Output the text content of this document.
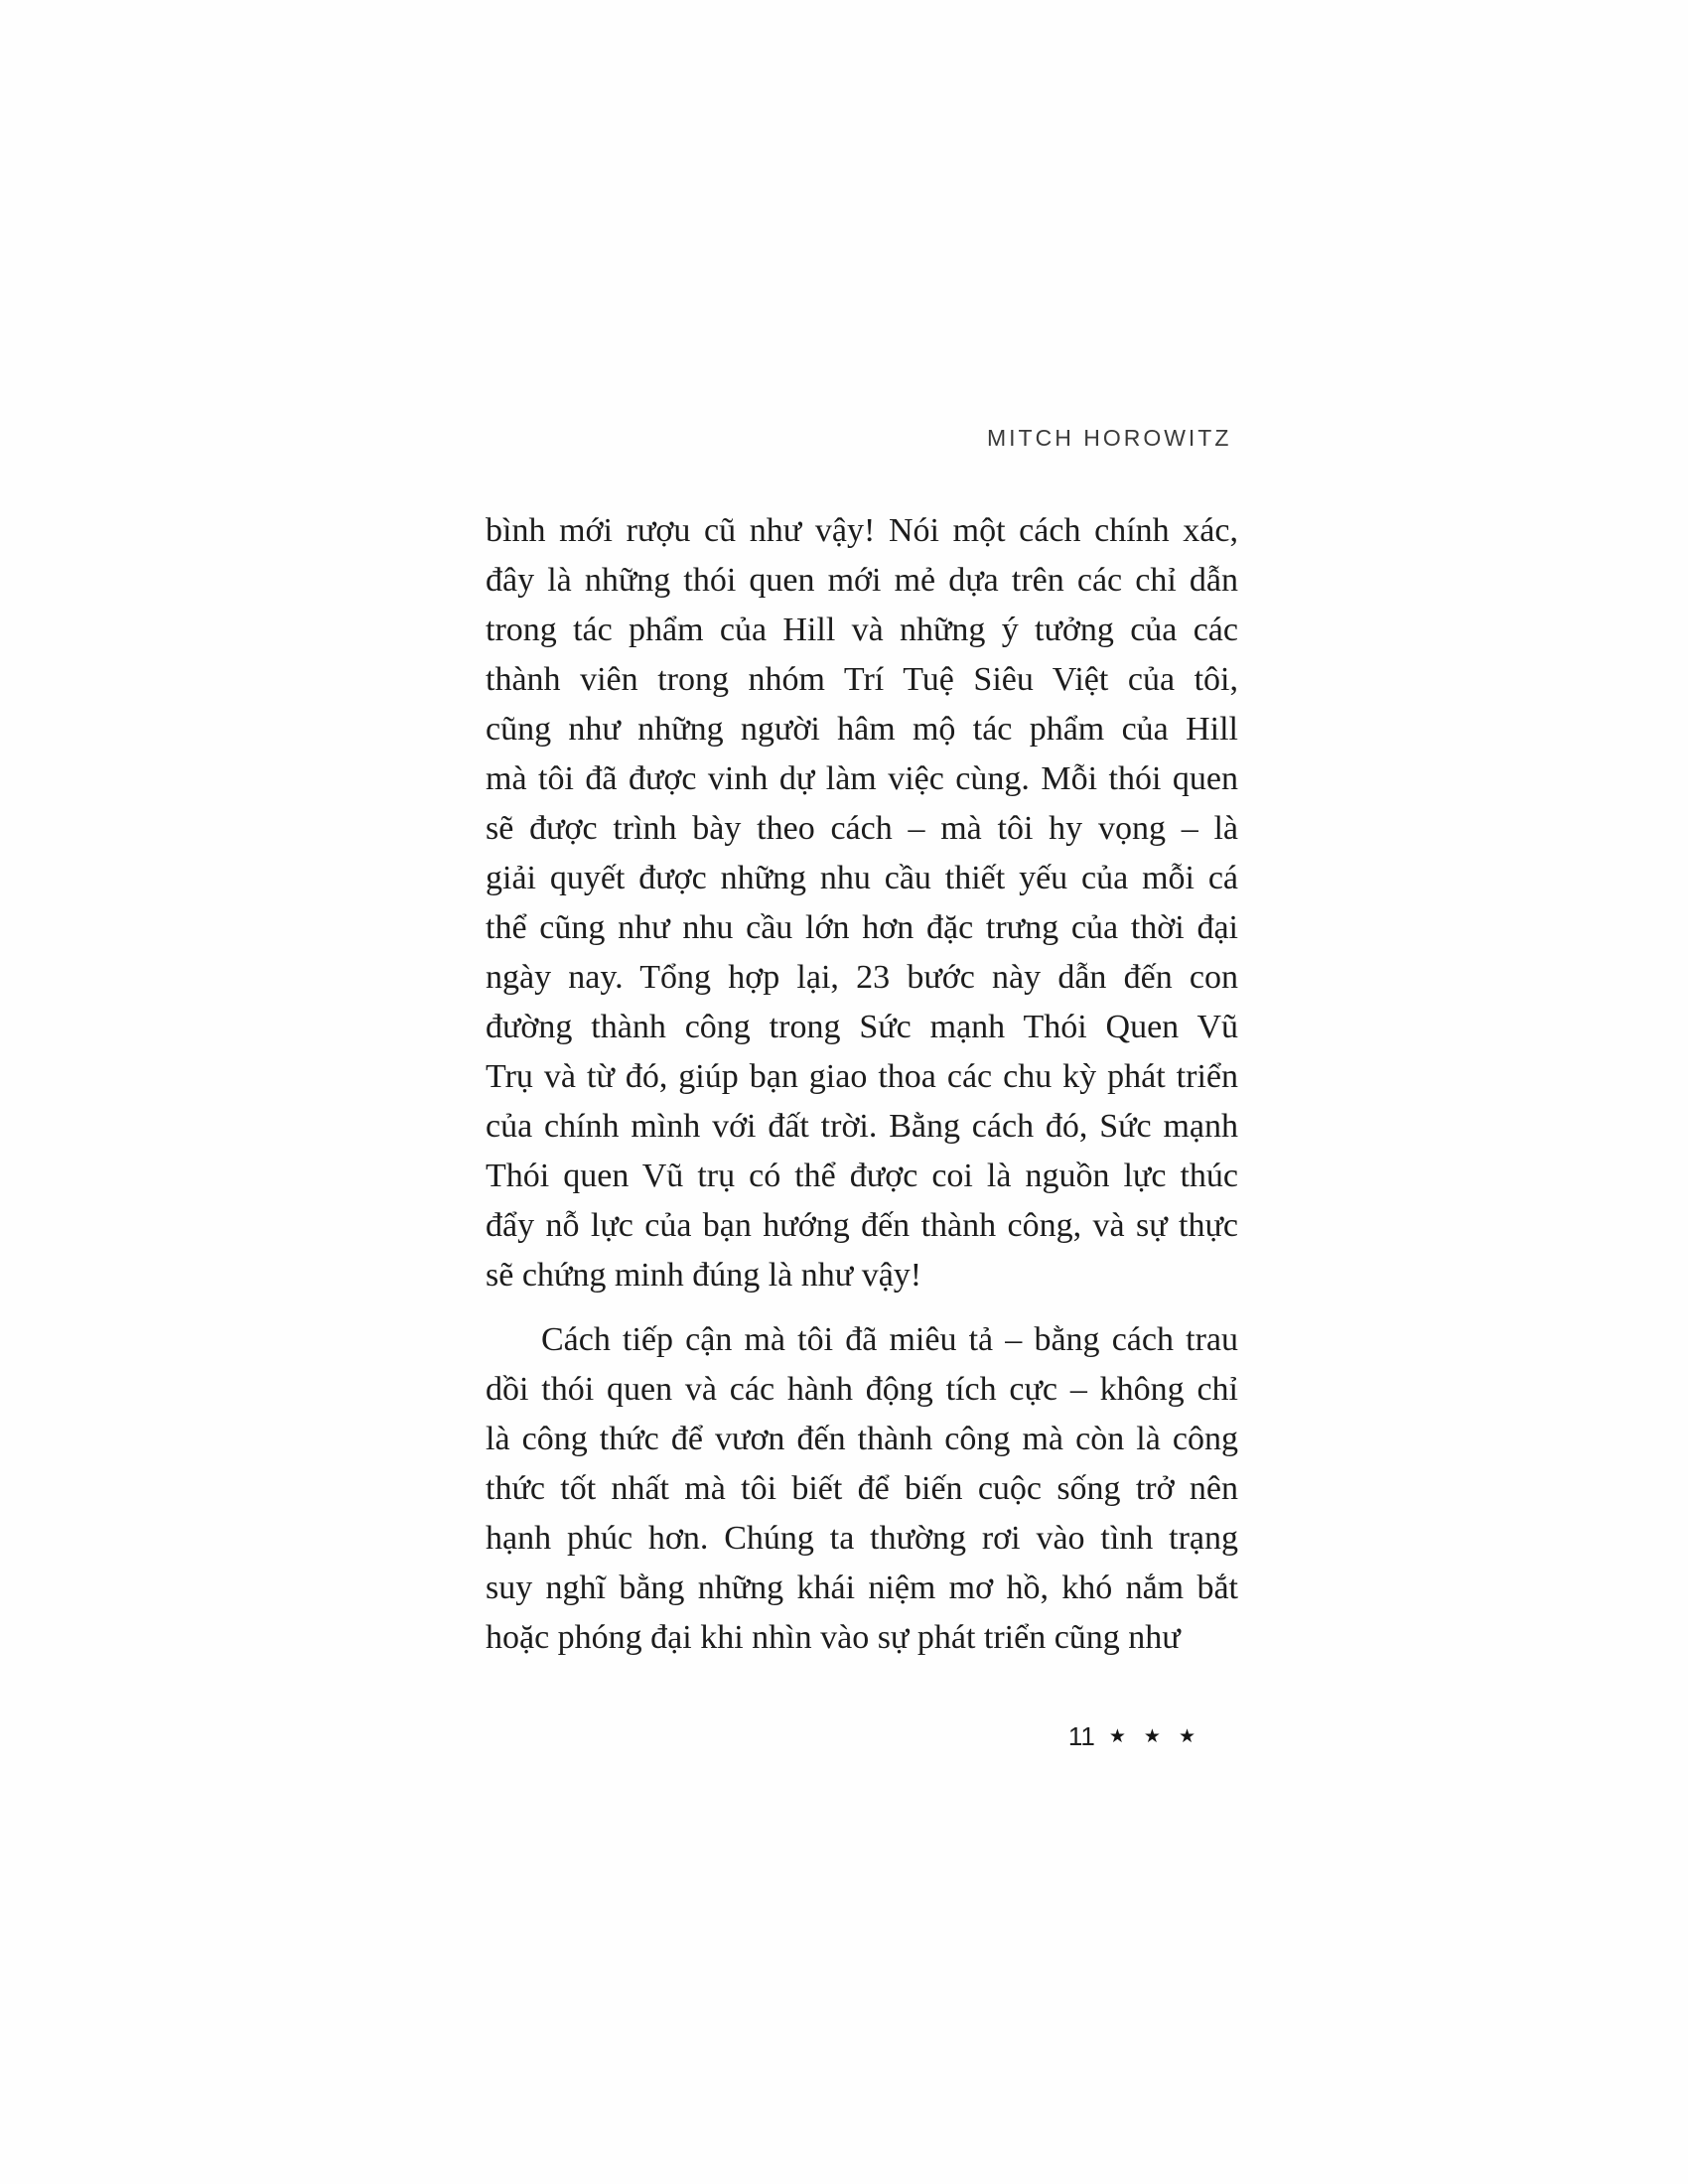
MITCH HOROWITZ
bình mới rượu cũ như vậy! Nói một cách chính xác,
đây là những thói quen mới mẻ dựa trên các chỉ dẫn
trong tác phẩm của Hill và những ý tưởng của các
thành viên trong nhóm Trí Tuệ Siêu Việt của tôi,
cũng như những người hâm mộ tác phẩm của Hill
mà tôi đã được vinh dự làm việc cùng. Mỗi thói quen
sẽ được trình bày theo cách – mà tôi hy vọng – là
giải quyết được những nhu cầu thiết yếu của mỗi cá
thể cũng như nhu cầu lớn hơn đặc trưng của thời đại
ngày nay. Tổng hợp lại, 23 bước này dẫn đến con
đường thành công trong Sức mạnh Thói Quen Vũ
Trụ và từ đó, giúp bạn giao thoa các chu kỳ phát triển
của chính mình với đất trời. Bằng cách đó, Sức mạnh
Thói quen Vũ trụ có thể được coi là nguồn lực thúc
đẩy nỗ lực của bạn hướng đến thành công, và sự thực
sẽ chứng minh đúng là như vậy!
Cách tiếp cận mà tôi đã miêu tả – bằng cách trau
dồi thói quen và các hành động tích cực – không chỉ
là công thức để vươn đến thành công mà còn là công
thức tốt nhất mà tôi biết để biến cuộc sống trở nên
hạnh phúc hơn. Chúng ta thường rơi vào tình trạng
suy nghĩ bằng những khái niệm mơ hồ, khó nắm bắt
hoặc phóng đại khi nhìn vào sự phát triển cũng như
11 ★ ★ ★
